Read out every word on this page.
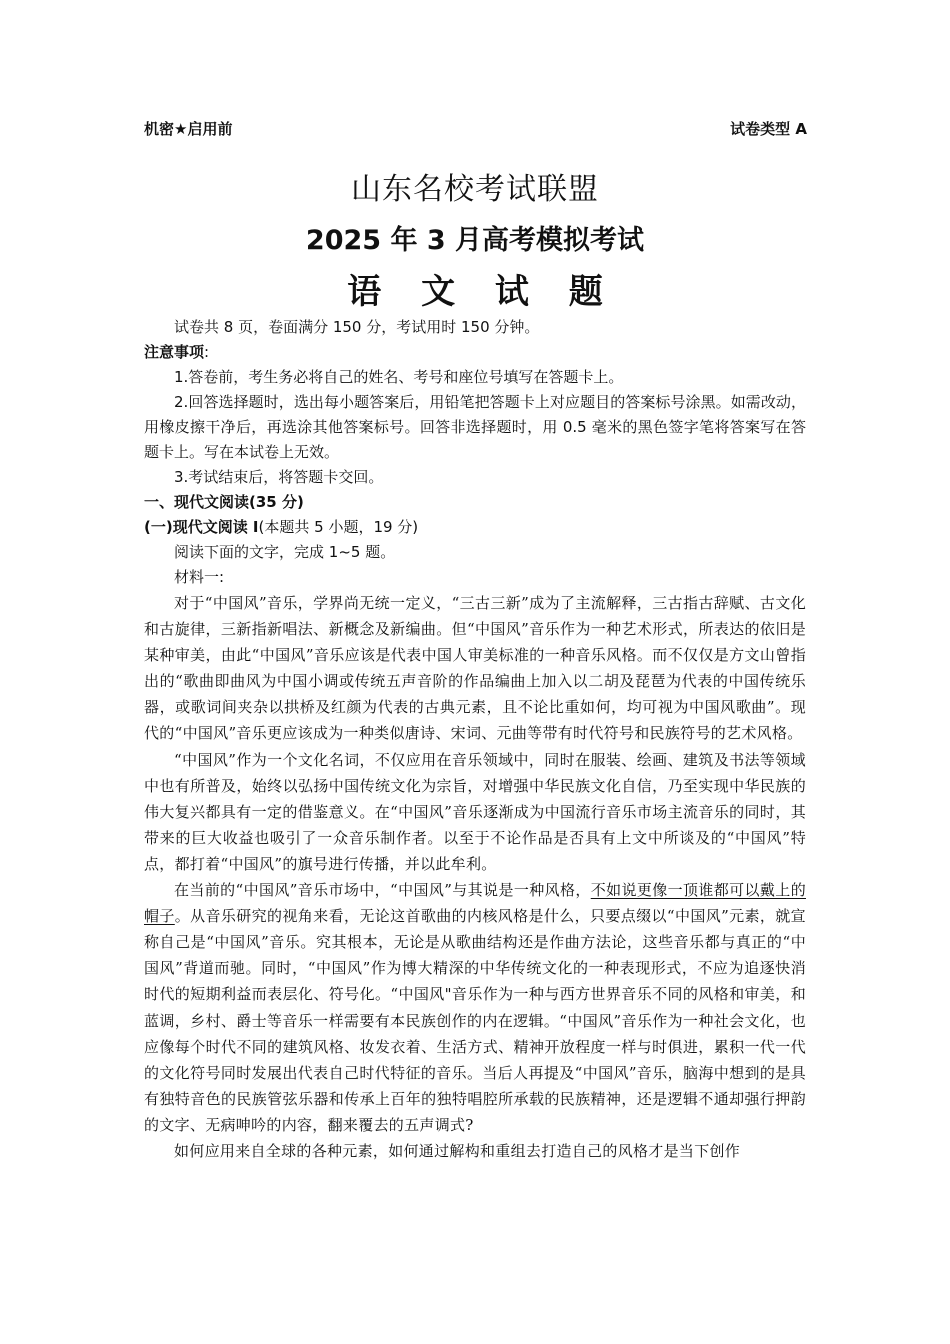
机密★启用前	试卷类型 A
山东名校考试联盟
2025 年 3 月高考模拟考试
语 文 试 题

试卷共 8 页，卷面满分 150 分，考试用时 150 分钟。

注意事项:

1.答卷前，考生务必将自己的姓名、考号和座位号填写在答题卡上。

2.回答选择题时，选出每小题答案后，用铅笔把答题卡上对应题目的答案标号涂黑。如需改动，用橡皮擦干净后，再选涂其他答案标号。回答非选择题时，用 0.5 毫米的黑色签字笔将答案写在答题卡上。写在本试卷上无效。

3.考试结束后，将答题卡交回。

一、现代文阅读(35 分)

(一)现代文阅读 I(本题共 5 小题，19 分)

阅读下面的文字，完成 1~5 题。

材料一:

对于“中国风”音乐，学界尚无统一定义，“三古三新”成为了主流解释，三古指古辞赋、古文化和古旋律，三新指新唱法、新概念及新编曲。但“中国风”音乐作为一种艺术形式，所表达的依旧是某种审美，由此“中国风”音乐应该是代表中国人审美标准的一种音乐风格。而不仅仅是方文山曾指出的“歌曲即曲风为中国小调或传统五声音阶的作品编曲上加入以二胡及琵琶为代表的中国传统乐器，或歌词间夹杂以拱桥及红颜为代表的古典元素，且不论比重如何，均可视为中国风歌曲”。现代的“中国风”音乐更应该成为一种类似唐诗、宋词、元曲等带有时代符号和民族符号的艺术风格。

“中国风”作为一个文化名词，不仅应用在音乐领域中，同时在服装、绘画、建筑及书法等领域中也有所普及，始终以弘扬中国传统文化为宗旨，对增强中华民族文化自信，乃至实现中华民族的伟大复兴都具有一定的借鉴意义。在“中国风”音乐逐渐成为中国流行音乐市场主流音乐的同时，其带来的巨大收益也吸引了一众音乐制作者。以至于不论作品是否具有上文中所谈及的“中国风”特点，都打着“中国风”的旗号进行传播，并以此牟利。

在当前的“中国风”音乐市场中，“中国风”与其说是一种风格，不如说更像一顶谁都可以戴上的帽子。从音乐研究的视角来看，无论这首歌曲的内核风格是什么，只要点缀以“中国风”元素，就宣称自己是“中国风”音乐。究其根本，无论是从歌曲结构还是作曲方法论，这些音乐都与真正的“中国风”背道而驰。同时，“中国风”作为博大精深的中华传统文化的一种表现形式，不应为追逐快消时代的短期利益而表层化、符号化。“中国风"音乐作为一种与西方世界音乐不同的风格和审美，和蓝调，乡村、爵士等音乐一样需要有本民族创作的内在逻辑。“中国风”音乐作为一种社会文化，也应像每个时代不同的建筑风格、妆发衣着、生活方式、精神开放程度一样与时俱进，累积一代一代的文化符号同时发展出代表自己时代特征的音乐。当后人再提及“中国风”音乐，脑海中想到的是具有独特音色的民族管弦乐器和传承上百年的独特唱腔所承载的民族精神，还是逻辑不通却强行押韵的文字、无病呻吟的内容，翻来覆去的五声调式?

如何应用来自全球的各种元素，如何通过解构和重组去打造自己的风格才是当下创作
